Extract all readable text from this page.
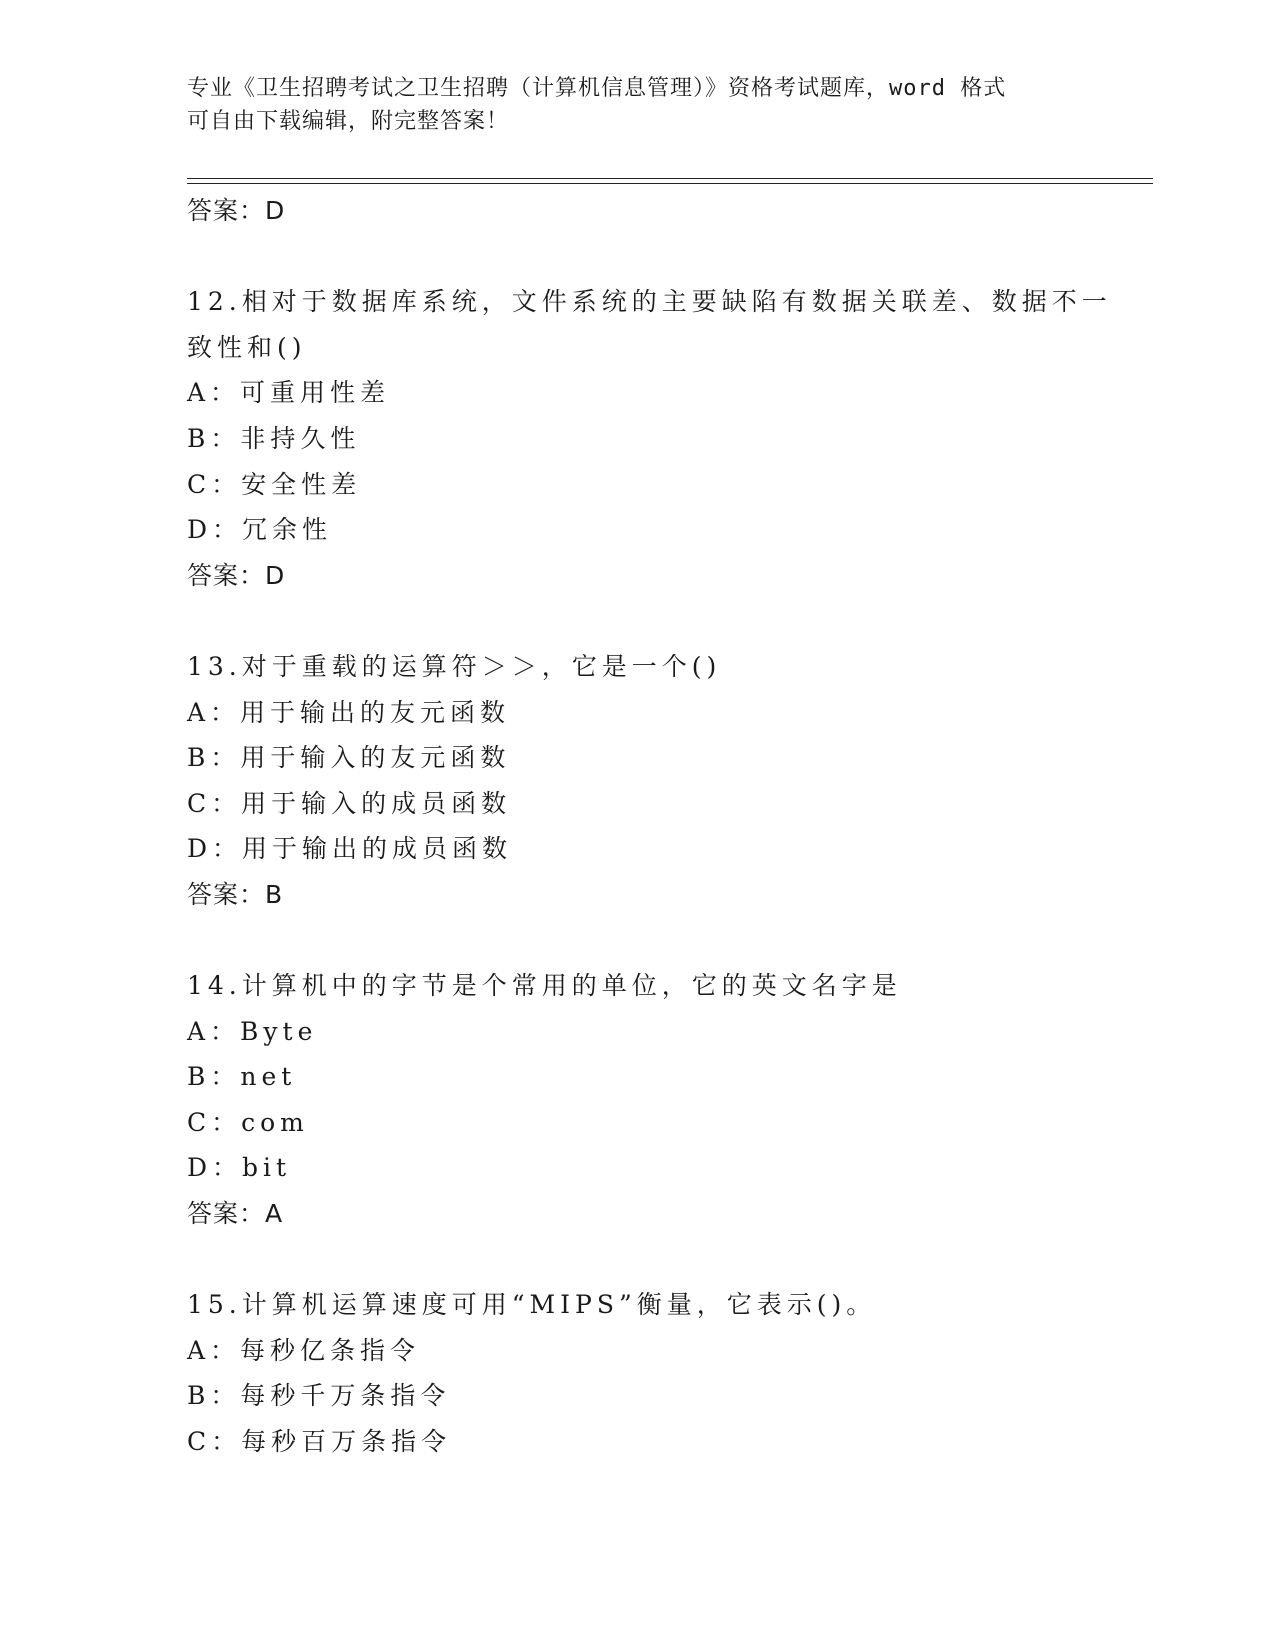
专业《卫生招聘考试之卫生招聘（计算机信息管理）》资格考试题库，word 格式
可自由下载编辑，附完整答案！
答案：D
12.相对于数据库系统，文件系统的主要缺陷有数据关联差、数据不一
致性和()
A：可重用性差
B：非持久性
C：安全性差
D：冗余性
答案：D
13.对于重载的运算符＞＞，它是一个()
A：用于输出的友元函数
B：用于输入的友元函数
C：用于输入的成员函数
D：用于输出的成员函数
答案：B
14.计算机中的字节是个常用的单位，它的英文名字是
A：Byte
B：net
C：com
D：bit
答案：A
15.计算机运算速度可用“MIPS”衡量，它表示()。
A：每秒亿条指令
B：每秒千万条指令
C：每秒百万条指令
